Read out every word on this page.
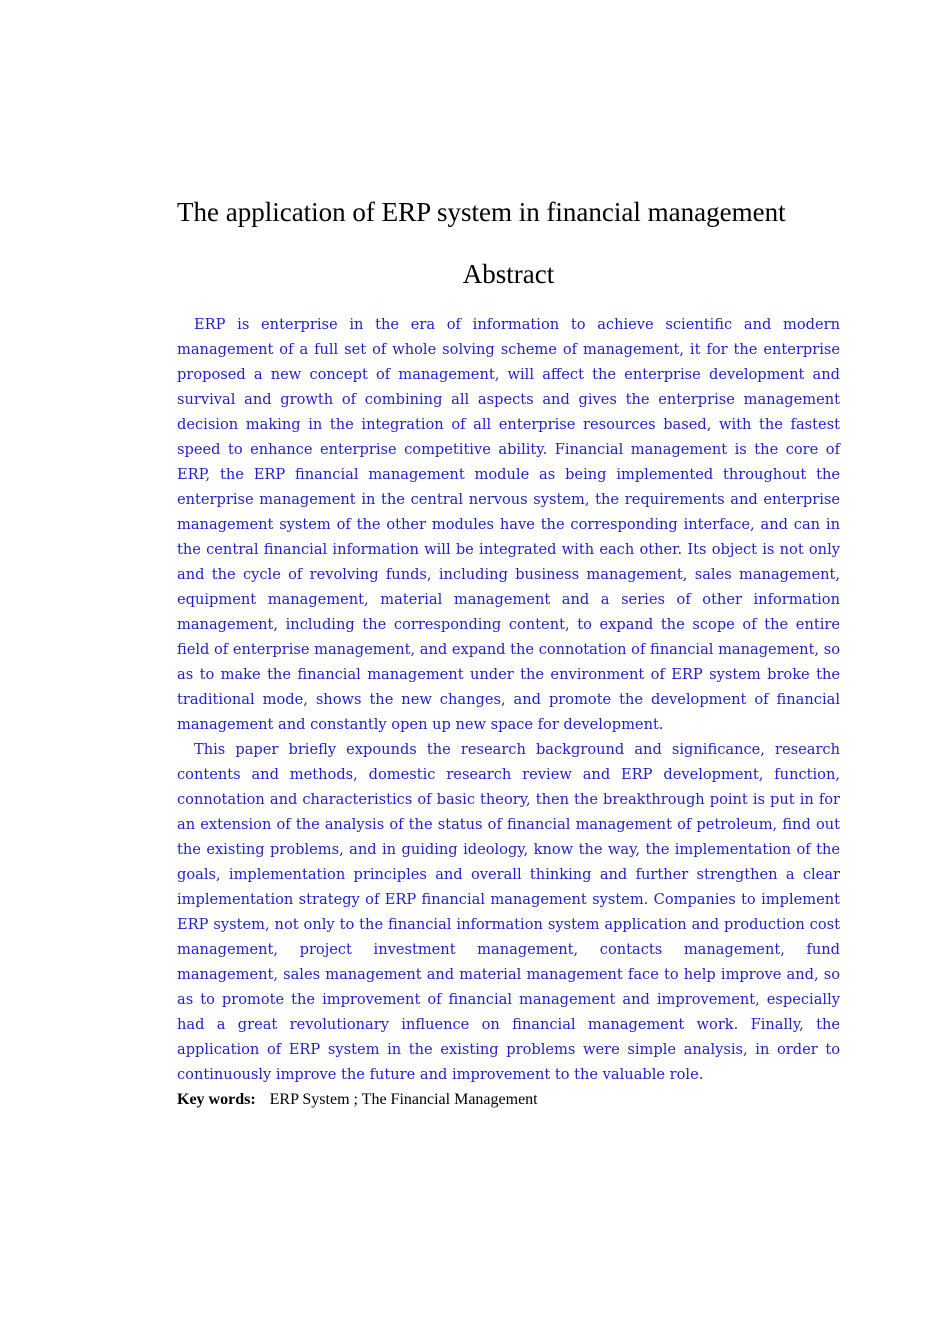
The application of ERP system in financial management
Abstract

ERP is enterprise in the era of information to achieve scientific and modern management of a full set of whole solving scheme of management, it for the enterprise proposed a new concept of management, will affect the enterprise development and survival and growth of combining all aspects and gives the enterprise management decision making in the integration of all enterprise resources based, with the fastest speed to enhance enterprise competitive ability. Financial management is the core of ERP, the ERP financial management module as being implemented throughout the enterprise management in the central nervous system, the requirements and enterprise management system of the other modules have the corresponding interface, and can in the central financial information will be integrated with each other. Its object is not only and the cycle of revolving funds, including business management, sales management, equipment management, material management and a series of other information management, including the corresponding content, to expand the scope of the entire field of enterprise management, and expand the connotation of financial management, so as to make the financial management under the environment of ERP system broke the traditional mode, shows the new changes, and promote the development of financial management and constantly open up new space for development.

This paper briefly expounds the research background and significance, research contents and methods, domestic research review and ERP development, function, connotation and characteristics of basic theory, then the breakthrough point is put in for an extension of the analysis of the status of financial management of petroleum, find out the existing problems, and in guiding ideology, know the way, the implementation of the goals, implementation principles and overall thinking and further strengthen a clear implementation strategy of ERP financial management system. Companies to implement ERP system, not only to the financial information system application and production cost management, project investment management, contacts management, fund management, sales management and material management face to help improve and, so as to promote the improvement of financial management and improvement, especially had a great revolutionary influence on financial management work. Finally, the application of ERP system in the existing problems were simple analysis, in order to continuously improve the future and improvement to the valuable role.

Key words: ERP System ; The Financial Management
